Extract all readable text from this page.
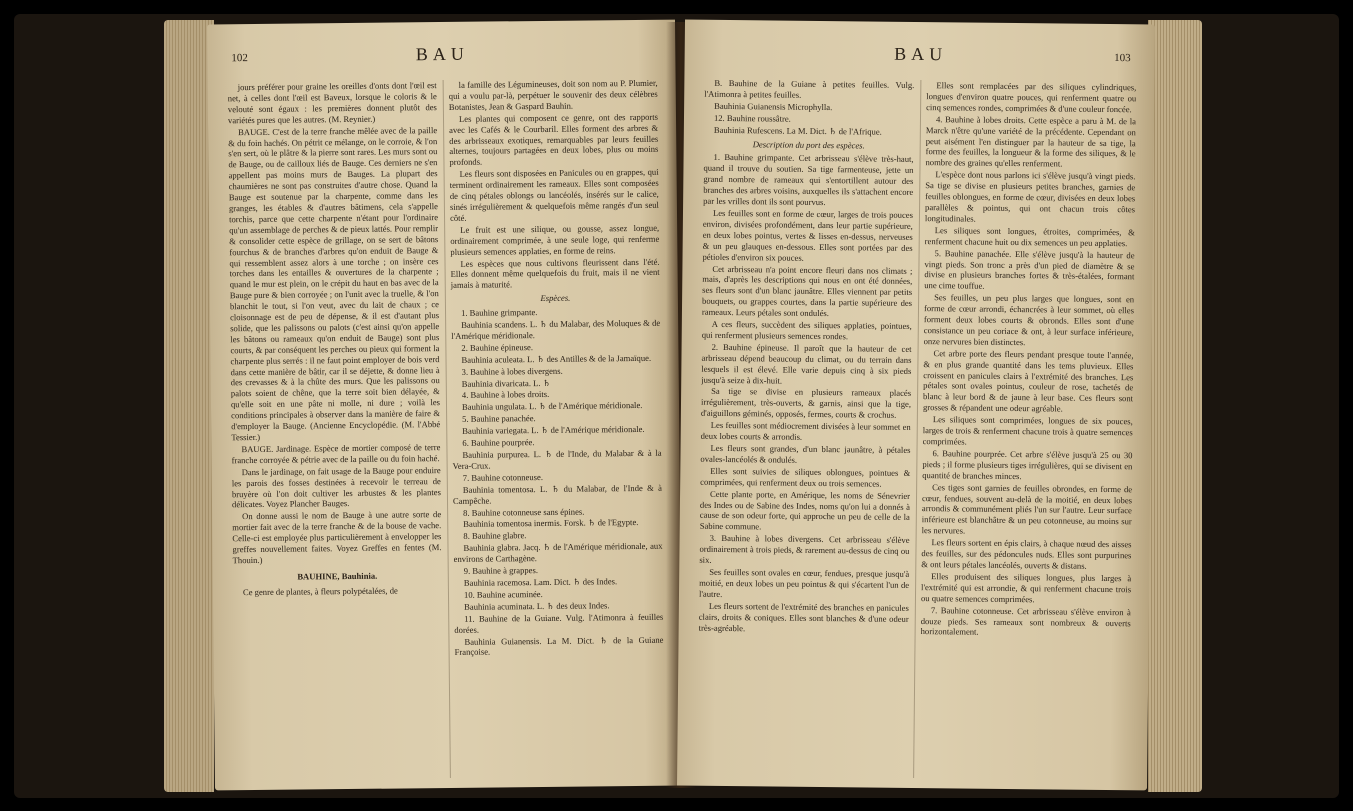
102	BAU

jours préférer pour graine les oreilles d'onts dont l'œil est net, à celles dont l'œil est Baveux, lorsque le coloris & le velouté sont égaux : les premières donnent plutôt des variétés pures que les autres. (M. Reynier.)

BAUGE. C'est de la terre franche mêlée avec de la paille & du foin hachés. On pétrit ce mélange, on le corroie, & l'on s'en sert, où le plâtre & la pierre sont rares. Les murs sont ou de Bauge, ou de cailloux liés de Bauge. Ces derniers ne s'en appellent pas moins murs de Bauges. La plupart des chaumières ne sont pas construites d'autre chose. Quand la Bauge est soutenue par la charpente, comme dans les granges, les étables & d'autres bâtimens, cela s'appelle torchis, parce que cette charpente n'étant pour l'ordinaire qu'un assemblage de perches & de pieux lattés. Pour remplir & consolider cette espèce de grillage, on se sert de bâtons fourchus & de branches d'arbres qu'on enduit de Bauge & qui ressemblent assez alors à une torche ; on insère ces torches dans les entailles & ouvertures de la charpente ; quand le mur est plein, on le crépit du haut en bas avec de la Bauge pure & bien corroyée ; on l'unit avec la truelle, & l'on blanchit le tout, si l'on veut, avec du lait de chaux ; ce cloisonnage est de peu de dépense, & il est d'autant plus solide, que les palissons ou palots (c'est ainsi qu'on appelle les bâtons ou rameaux qu'on enduit de Bauge) sont plus courts, & par conséquent les perches ou pieux qui forment la charpente plus serrés : il ne faut point employer de bois verd dans cette manière de bâtir, car il se déjette, & donne lieu à des crevasses & à la chûte des murs. Que les palissons ou palots soient de chêne, que la terre soit bien délayée, & qu'elle soit en une pâte ni molle, ni dure ; voilà les conditions principales à observer dans la manière de faire & d'employer la Bauge. (Ancienne Encyclopédie. (M. l'Abbé Tessier.)

BAUGE. Jardinage. Espèce de mortier composé de terre franche corroyée & pétrie avec de la paille ou du foin haché.

Dans le jardinage, on fait usage de la Bauge pour enduire les parois des fosses destinées à recevoir le terreau de bruyère où l'on doit cultiver les arbustes & les plantes délicates. Voyez Plancher Bauges.

On donne aussi le nom de Bauge à une autre sorte de mortier fait avec de la terre franche & de la bouse de vache. Celle-ci est employée plus particulièrement à envelopper les greffes nouvellement faites. Voyez Greffes en fentes (M. Thouin.)

BAUHINE, Bauhinia.

Ce genre de plantes, à fleurs polypétalées, de

la famille des Légumineuses, doit son nom au P. Plumier, qui a voulu par-là, perpétuer le souvenir des deux célèbres Botanistes, Jean & Gaspard Bauhin.

Les plantes qui composent ce genre, ont des rapports avec les Cafés & le Courbaril. Elles forment des arbres & des arbrisseaux exotiques, remarquables par leurs feuilles alternes, toujours partagées en deux lobes, plus ou moins profonds.

Les fleurs sont disposées en Panicules ou en grappes, qui terminent ordinairement les rameaux. Elles sont composées de cinq pétales oblongs ou lancéolés, insérés sur le calice, sinés irrégulièrement & quelquefois même rangés d'un seul côté.

Le fruit est une silique, ou gousse, assez longue, ordinairement comprimée, à une seule loge, qui renferme plusieurs semences applaties, en forme de reins.

Les espèces que nous cultivons fleurissent dans l'été. Elles donnent même quelquefois du fruit, mais il ne vient jamais à maturité.

Espèces.

1. Bauhine grimpante.

Bauhinia scandens. L. ♄ du Malabar, des Moluques & de l'Amérique méridionale.

2. Bauhine épineuse.

Bauhinia aculeata. L. ♄ des Antilles & de la Jamaïque.

3. Bauhine à lobes divergens.

Bauhinia divaricata. L. ♄

4. Bauhine à lobes droits.

Bauhinia ungulata. L. ♄ de l'Amérique méridionale.

5. Bauhine panachée.

Bauhinia variegata. L. ♄ de l'Amérique méridionale.

6. Bauhine pourprée.

Bauhinia purpurea. L. ♄ de l'Inde, du Malabar & à la Vera-Crux.

7. Bauhine cotonneuse.

Bauhinia tomentosa. L. ♄ du Malabar, de l'Inde & à Campêche.

8. Bauhine cotonneuse sans épines.

Bauhinia tomentosa inermis. Forsk. ♄ de l'Egypte.

8. Bauhine glabre.

Bauhinia glabra. Jacq. ♄ de l'Amérique méridionale, aux environs de Carthagène.

9. Bauhine à grappes.

Bauhinia racemosa. Lam. Dict. ♄ des Indes.

10. Bauhine acuminée.

Bauhinia acuminata. L. ♄ des deux Indes.

11. Bauhine de la Guiane. Vulg. l'Atimonra à feuilles dorées.

Bauhinia Guianensis. La M. Dict. ♄ de la Guiane Françoise.

BAU	103

B. Bauhine de la Guiane à petites feuilles. Vulg. l'Atimonra à petites feuilles.

Bauhinia Guianensis Microphylla.

12. Bauhine roussâtre.

Bauhinia Rufescens. La M. Dict. ♄ de l'Afrique.

Description du port des espèces.

1. Bauhine grimpante. Cet arbrisseau s'élève très-haut, quand il trouve du soutien. Sa tige farmenteuse, jette un grand nombre de rameaux qui s'entortillent autour des branches des arbres voisins, auxquelles ils s'attachent encore par les vrilles dont ils sont pourvus.

Les feuilles sont en forme de cœur, larges de trois pouces environ, divisées profondément, dans leur partie supérieure, en deux lobes pointus, vertes & lisses en-dessus, nerveuses & un peu glauques en-dessous. Elles sont portées par des pétioles d'environ six pouces.

Cet arbrisseau n'a point encore fleuri dans nos climats ; mais, d'après les descriptions qui nous en ont été données, ses fleurs sont d'un blanc jaunâtre. Elles viennent par petits bouquets, ou grappes courtes, dans la partie supérieure des rameaux. Leurs pétales sont ondulés.

A ces fleurs, succèdent des siliques applaties, pointues, qui renferment plusieurs semences rondes.

2. Bauhine épineuse. Il paroît que la hauteur de cet arbrisseau dépend beaucoup du climat, ou du terrain dans lesquels il est élevé. Elle varie depuis cinq à six pieds jusqu'à seize à dix-huit.

Sa tige se divise en plusieurs rameaux placés irrégulièrement, très-ouverts, & garnis, ainsi que la tige, d'aiguillons géminés, opposés, fermes, courts & crochus.

Les feuilles sont médiocrement divisées à leur sommet en deux lobes courts & arrondis.

Les fleurs sont grandes, d'un blanc jaunâtre, à pétales ovales-lancéolés & ondulés.

Elles sont suivies de siliques oblongues, pointues & comprimées, qui renferment deux ou trois semences.

Cette plante porte, en Amérique, les noms de Sénevrier des Indes ou de Sabine des Indes, noms qu'on lui a donnés à cause de son odeur forte, qui approche un peu de celle de la Sabine commune.

3. Bauhine à lobes divergens. Cet arbrisseau s'élève ordinairement à trois pieds, & rarement au-dessus de cinq ou six.

Ses feuilles sont ovales en cœur, fendues, presque jusqu'à moitié, en deux lobes un peu pointus & qui s'écartent l'un de l'autre.

Les fleurs sortent de l'extrémité des branches en panicules clairs, droits & coniques. Elles sont blanches & d'une odeur très-agréable.

Elles sont remplacées par des siliques cylindriques, longues d'environ quatre pouces, qui renferment quatre ou cinq semences rondes, comprimées & d'une couleur foncée.

4. Bauhine à lobes droits. Cette espèce a paru à M. de la Marck n'être qu'une variété de la précédente. Cependant on peut aisément l'en distinguer par la hauteur de sa tige, la forme des feuilles, la longueur & la forme des siliques, & le nombre des graines qu'elles renferment.

L'espèce dont nous parlons ici s'élève jusqu'à vingt pieds. Sa tige se divise en plusieurs petites branches, garnies de feuilles oblongues, en forme de cœur, divisées en deux lobes parallèles & pointus, qui ont chacun trois côtes longitudinales.

Les siliques sont longues, étroites, comprimées, & renferment chacune huit ou dix semences un peu applaties.

5. Bauhine panachée. Elle s'élève jusqu'à la hauteur de vingt pieds. Son tronc a près d'un pied de diamètre & se divise en plusieurs branches fortes & très-étalées, formant une cime touffue.

Ses feuilles, un peu plus larges que longues, sont en forme de cœur arrondi, échancrées à leur sommet, où elles forment deux lobes courts & obronds. Elles sont d'une consistance un peu coriace & ont, à leur surface inférieure, onze nervures bien distinctes.

Cet arbre porte des fleurs pendant presque toute l'année, & en plus grande quantité dans les tems pluvieux. Elles croissent en panicules clairs à l'extrémité des branches. Les pétales sont ovales pointus, couleur de rose, tachetés de blanc à leur bord & de jaune à leur base. Ces fleurs sont grosses & répandent une odeur agréable.

Les siliques sont comprimées, longues de six pouces, larges de trois & renferment chacune trois à quatre semences comprimées.

6. Bauhine pourprée. Cet arbre s'élève jusqu'à 25 ou 30 pieds ; il forme plusieurs tiges irrégulières, qui se divisent en quantité de branches minces.

Ces tiges sont garnies de feuilles obrondes, en forme de cœur, fendues, souvent au-delà de la moitié, en deux lobes arrondis & communément pliés l'un sur l'autre. Leur surface inférieure est blanchâtre & un peu cotonneuse, au moins sur les nervures.

Les fleurs sortent en épis clairs, à chaque nœud des aisses des feuilles, sur des pédoncules nuds. Elles sont purpurines & ont leurs pétales lancéolés, ouverts & distans.

Elles produisent des siliques longues, plus larges à l'extrémité qui est arrondie, & qui renferment chacune trois ou quatre semences comprimées.

7. Bauhine cotonneuse. Cet arbrisseau s'élève environ à douze pieds. Ses rameaux sont nombreux & ouverts horizontalement.
